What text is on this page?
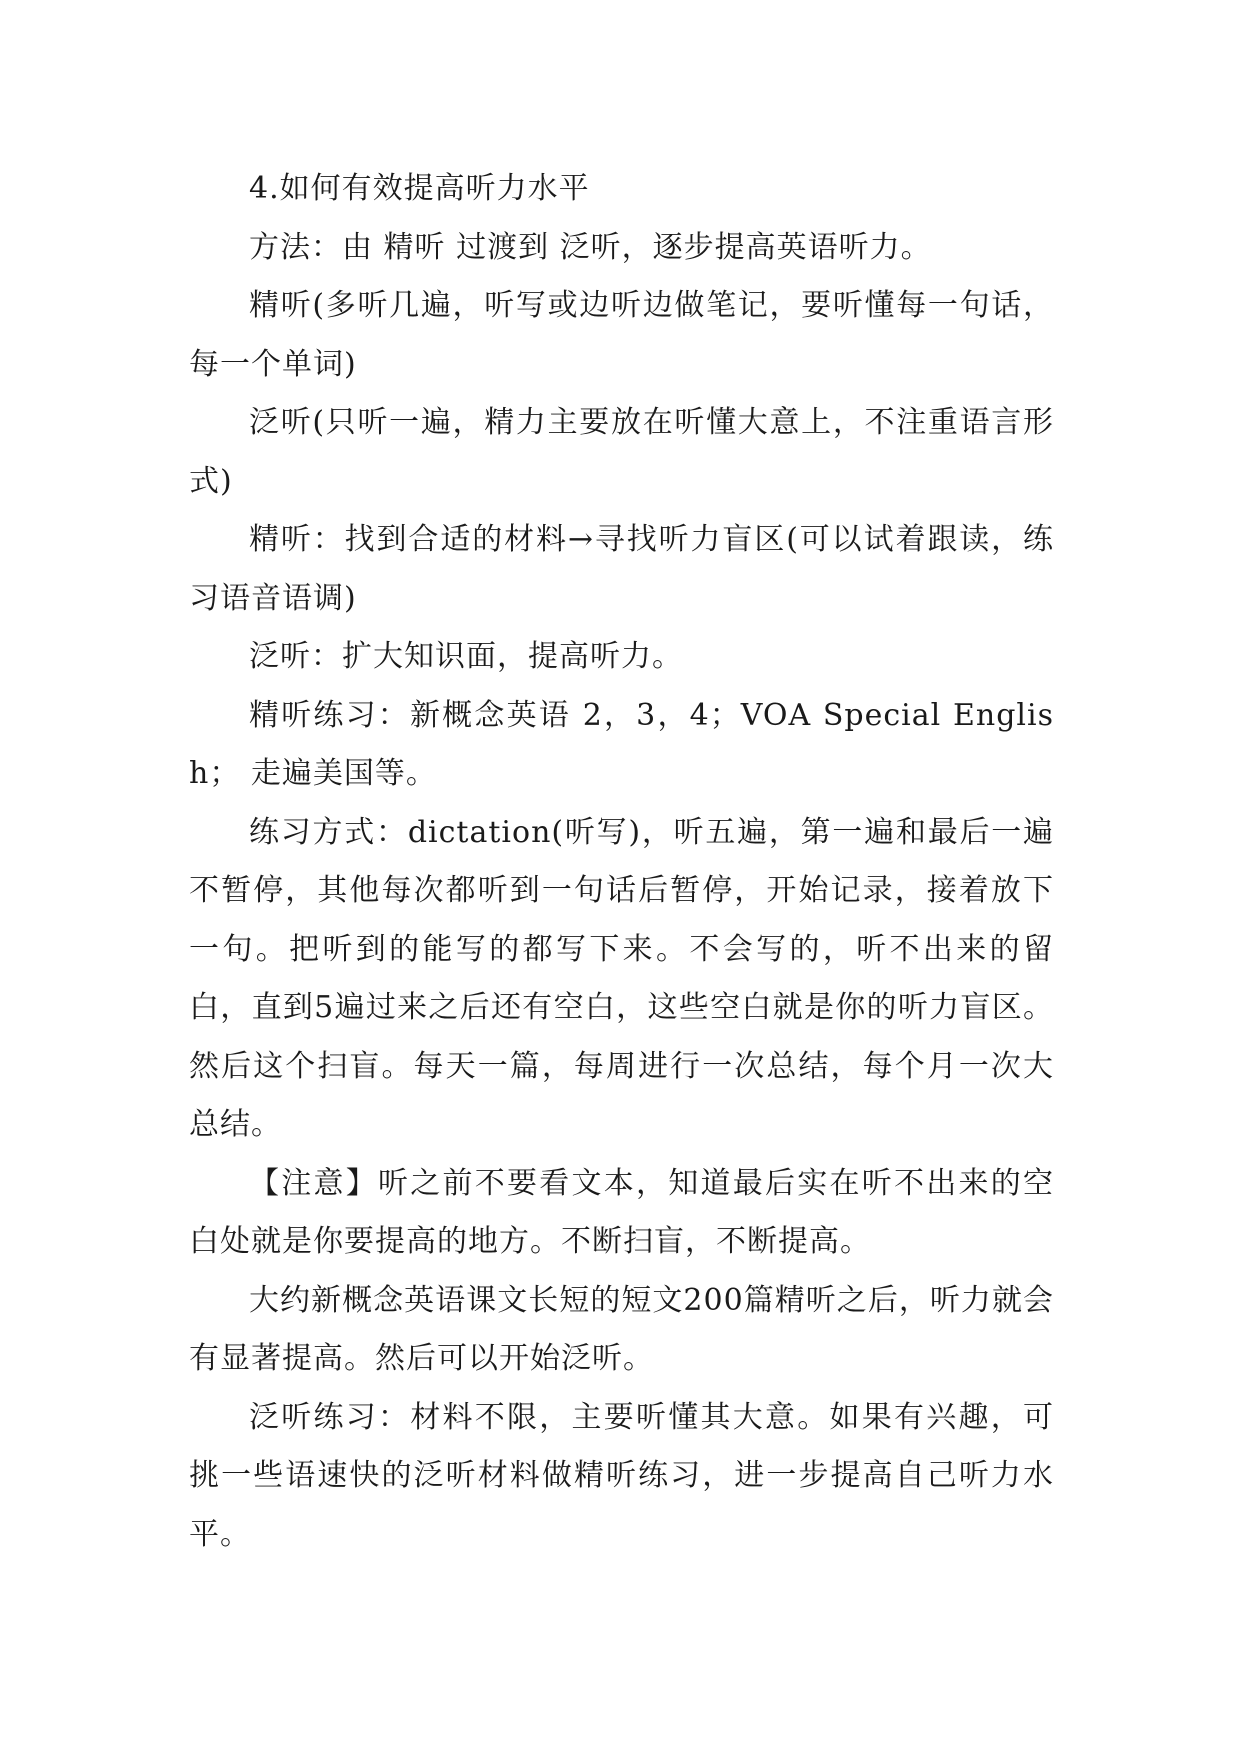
4.如何有效提高听力水平

方法：由 精听 过渡到 泛听，逐步提高英语听力。

精听(多听几遍，听写或边听边做笔记，要听懂每一句话，每一个单词)

泛听(只听一遍，精力主要放在听懂大意上，不注重语言形式)

精听：找到合适的材料→寻找听力盲区(可以试着跟读，练习语音语调)

泛听：扩大知识面，提高听力。

精听练习：新概念英语 2，3，4；VOA Special English； 走遍美国等。

练习方式：dictation(听写)，听五遍，第一遍和最后一遍不暂停，其他每次都听到一句话后暂停，开始记录，接着放下一句。把听到的能写的都写下来。不会写的，听不出来的留白，直到5遍过来之后还有空白，这些空白就是你的听力盲区。然后这个扫盲。每天一篇，每周进行一次总结，每个月一次大总结。

【注意】听之前不要看文本，知道最后实在听不出来的空白处就是你要提高的地方。不断扫盲，不断提高。

大约新概念英语课文长短的短文200篇精听之后，听力就会有显著提高。然后可以开始泛听。

泛听练习：材料不限，主要听懂其大意。如果有兴趣，可挑一些语速快的泛听材料做精听练习，进一步提高自己听力水平。
